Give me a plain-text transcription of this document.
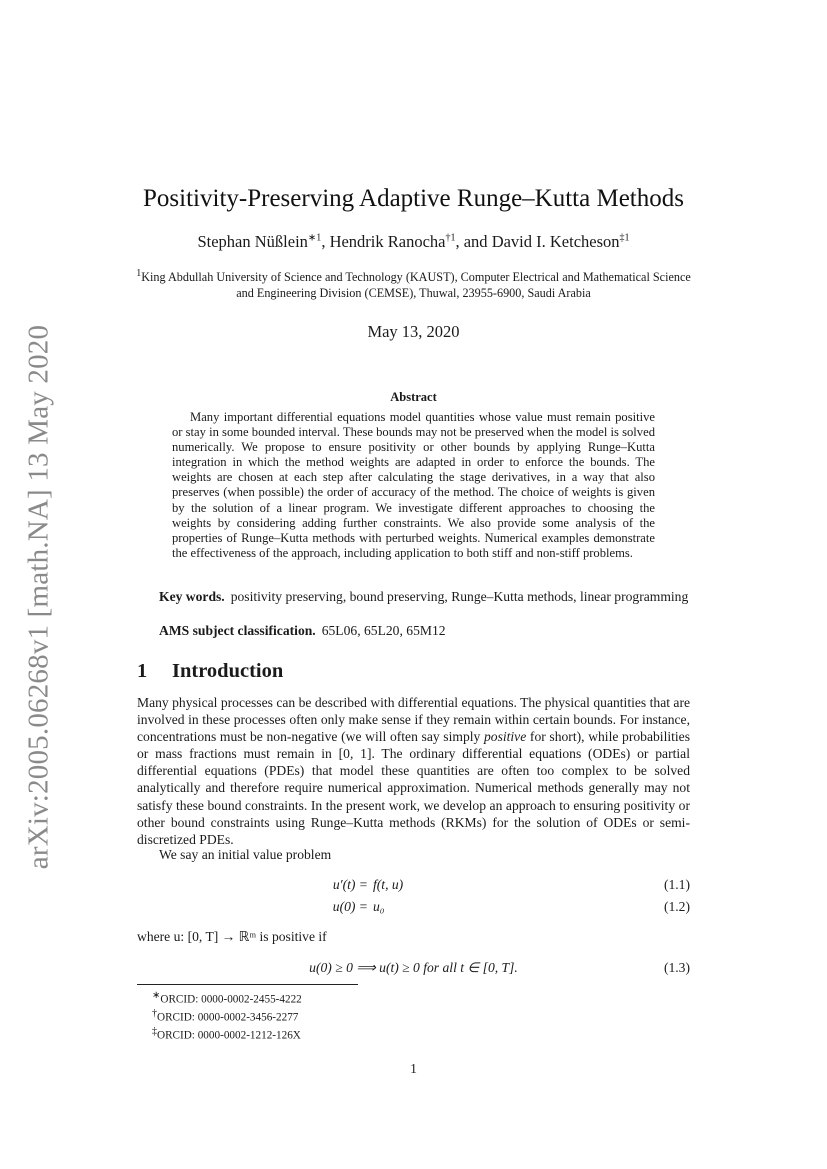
arXiv:2005.06268v1 [math.NA] 13 May 2020
Positivity-Preserving Adaptive Runge–Kutta Methods
Stephan Nüßlein$^{∗1}$, Hendrik Ranocha$^{\dagger 1}$, and David I. Ketcheson$^{\ddagger 1}$
$^1$King Abdullah University of Science and Technology (KAUST), Computer Electrical and Mathematical Science and Engineering Division (CEMSE), Thuwal, 23955-6900, Saudi Arabia
May 13, 2020
Abstract

Many important differential equations model quantities whose value must remain positive or stay in some bounded interval. These bounds may not be preserved when the model is solved numerically. We propose to ensure positivity or other bounds by applying Runge–Kutta integration in which the method weights are adapted in order to enforce the bounds. The weights are chosen at each step after calculating the stage derivatives, in a way that also preserves (when possible) the order of accuracy of the method. The choice of weights is given by the solution of a linear program. We investigate different approaches to choosing the weights by considering adding further constraints. We also provide some analysis of the properties of Runge–Kutta methods with perturbed weights. Numerical examples demonstrate the effectiveness of the approach, including application to both stiff and non-stiff problems.

Key words. positivity preserving, bound preserving, Runge–Kutta methods, linear programming

AMS subject classification. 65L06, 65L20, 65M12
1 Introduction

Many physical processes can be described with differential equations. The physical quantities that are involved in these processes often only make sense if they remain within certain bounds. For instance, concentrations must be non-negative (we will often say simply positive for short), while probabilities or mass fractions must remain in [0, 1]. The ordinary differential equations (ODEs) or partial differential equations (PDEs) that model these quantities are often too complex to be solved analytically and therefore require numerical approximation. Numerical methods generally may not satisfy these bound constraints. In the present work, we develop an approach to ensuring positivity or other bound constraints using Runge–Kutta methods (RKMs) for the solution of ODEs or semi-discretized PDEs.

We say an initial value problem

u′(t) = f(t, u)	(1.1)
u(0) = u₀	(1.2)
where u: [0, T] → ℝᵐ is positive if
u(0) ≥ 0 ⟹ u(t) ≥ 0 for all t ∈ [0, T].	(1.3)
∗ORCID: 0000-0002-2455-4222
†ORCID: 0000-0002-3456-2277
‡ORCID: 0000-0002-1212-126X
1
